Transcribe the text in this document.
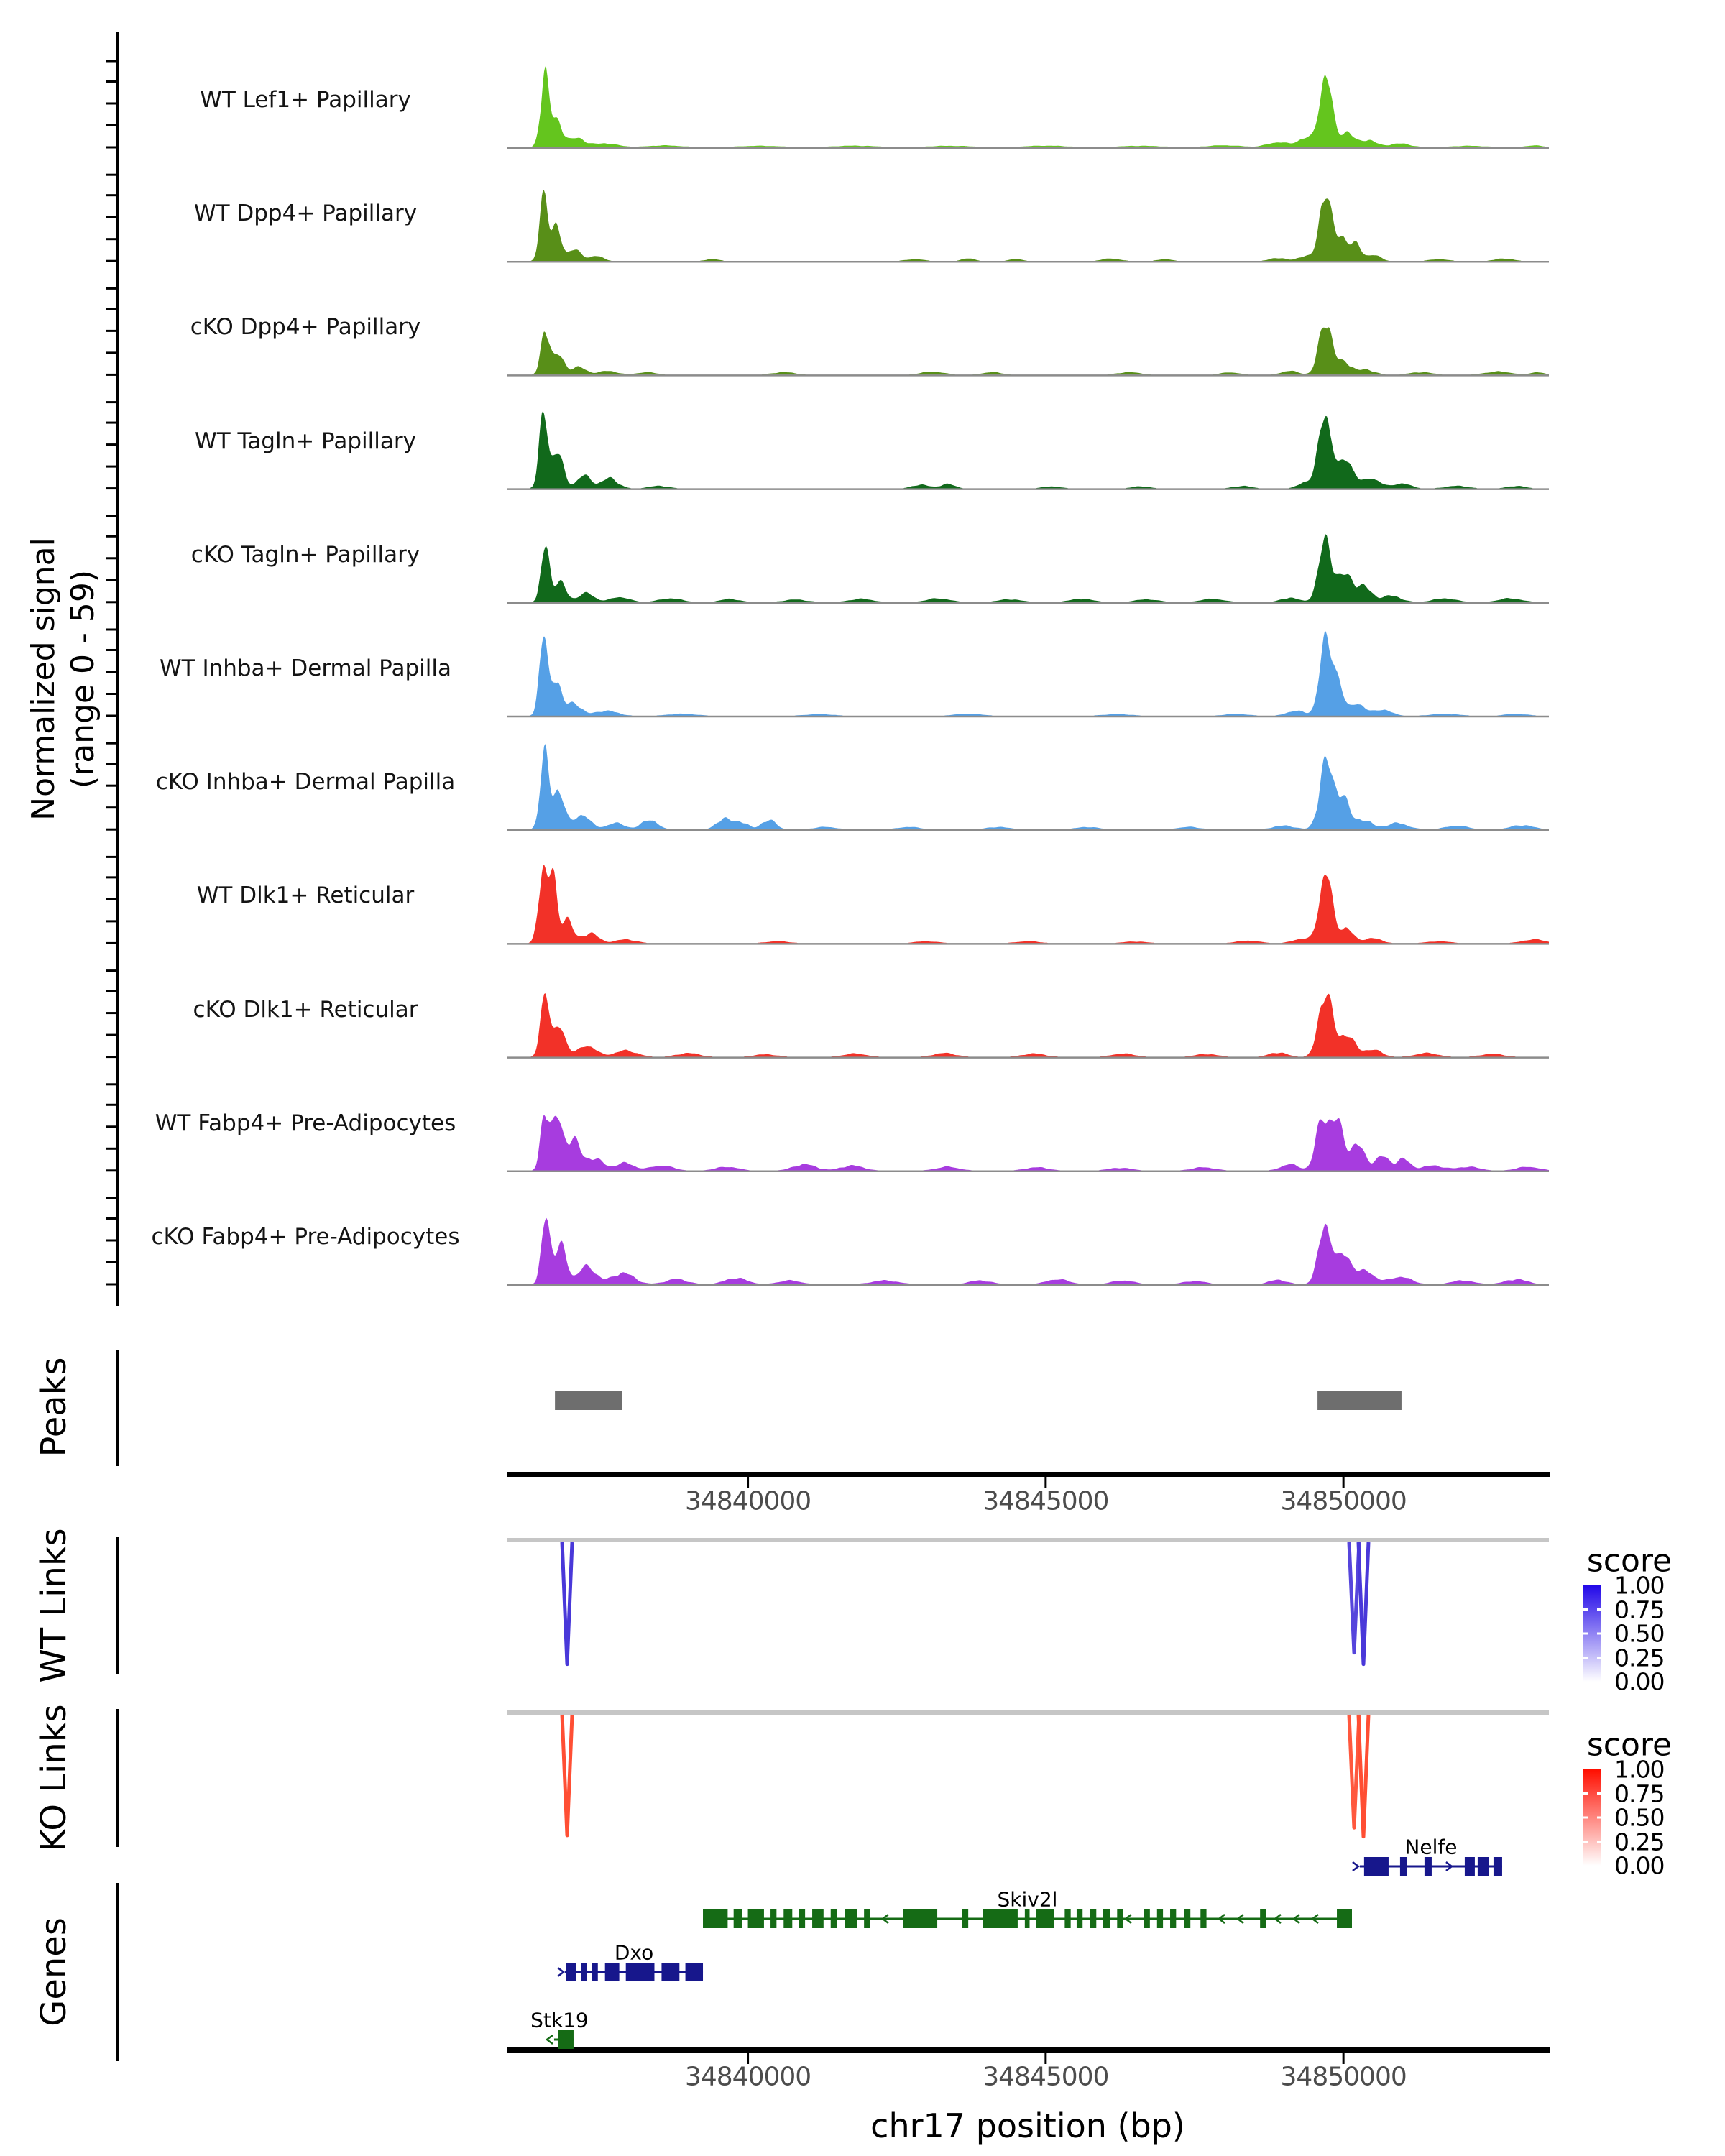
WT Lef1+ Papillary
WT Dpp4+ Papillary
cKO Dpp4+ Papillary
WT Tagln+ Papillary
cKO Tagln+ Papillary
WT Inhba+ Dermal Papilla
cKO Inhba+ Dermal Papilla
WT Dlk1+ Reticular
cKO Dlk1+ Reticular
WT Fabp4+ Pre-Adipocytes
cKO Fabp4+ Pre-Adipocytes
Normalized signal (range 0 - 59)
Peaks
WT Links
KO Links
Genes
34840000	34845000	34850000
34840000	34845000	34850000
chr17 position (bp)
score
1.00
0.75
0.50
0.25
0.00
score
1.00
0.75
0.50
0.25
0.00
Nelfe
Skiv2l
Dxo
Stk19
